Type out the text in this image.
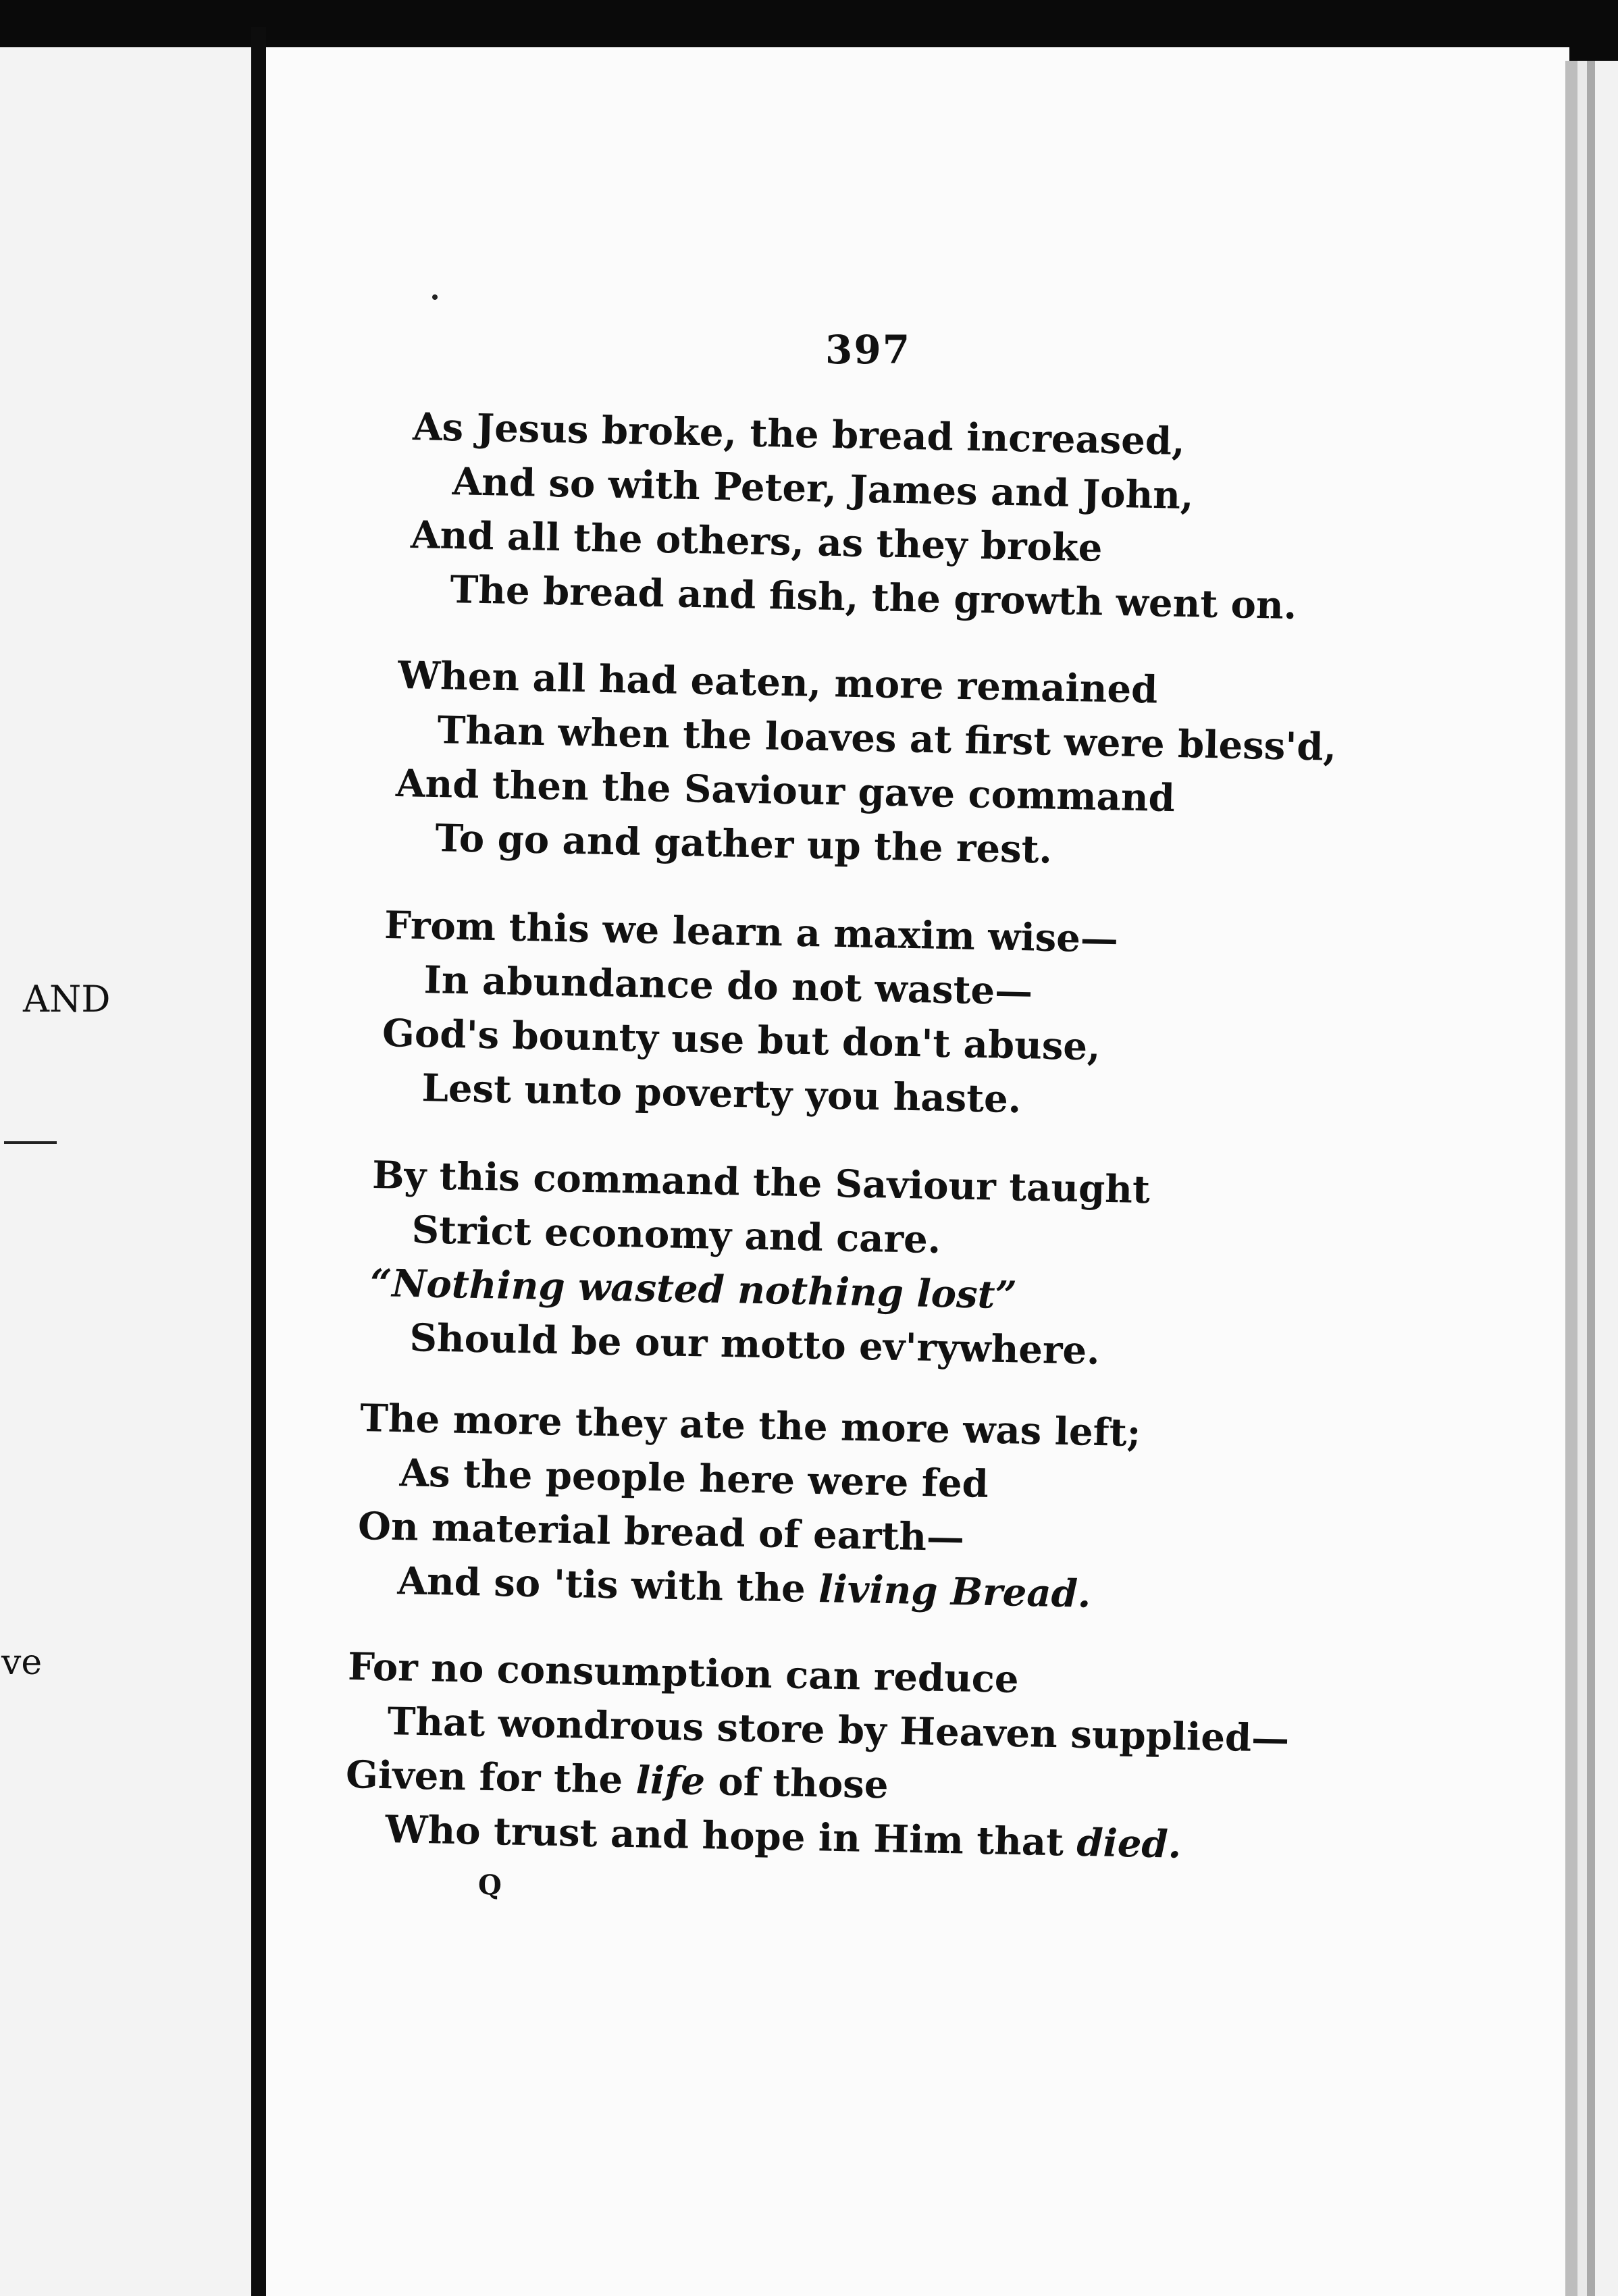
AND
ve
397
As Jesus broke, the bread increased,
And so with Peter, James and John,
And all the others, as they broke
The bread and fish, the growth went on.
When all had eaten, more remained
Than when the loaves at first were bless'd,
And then the Saviour gave command
To go and gather up the rest.
From this we learn a maxim wise—
In abundance do not waste—
God's bounty use but don't abuse,
Lest unto poverty you haste.
By this command the Saviour taught
Strict economy and care.
“Nothing wasted nothing lost”
Should be our motto ev'rywhere.
The more they ate the more was left;
As the people here were fed
On material bread of earth—
And so 'tis with the living Bread.
For no consumption can reduce
That wondrous store by Heaven supplied—
Given for the life of those
Who trust and hope in Him that died.
Q
